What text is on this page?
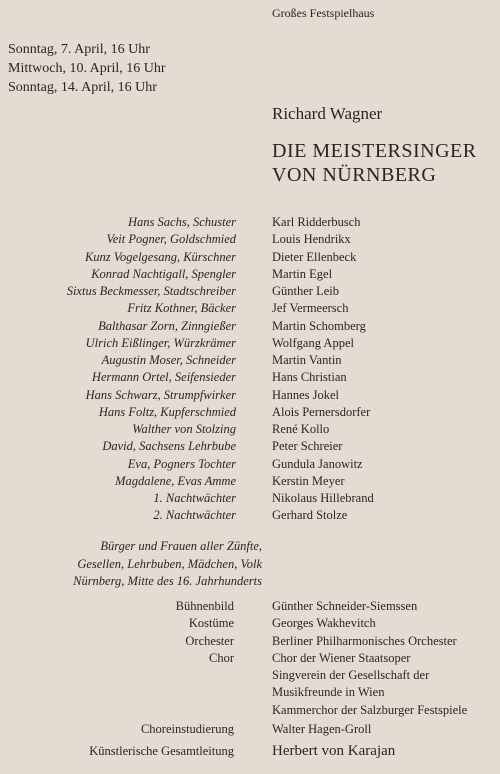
Großes Festspielhaus
Sonntag, 7. April, 16 Uhr
Mittwoch, 10. April, 16 Uhr
Sonntag, 14. April, 16 Uhr
Richard Wagner
DIE MEISTERSINGER
VON NÜRNBERG
Hans Sachs, Schuster	Karl Ridderbusch
Veit Pogner, Goldschmied	Louis Hendrikx
Kunz Vogelgesang, Kürschner	Dieter Ellenbeck
Konrad Nachtigall, Spengler	Martin Egel
Sixtus Beckmesser, Stadtschreiber	Günther Leib
Fritz Kothner, Bäcker	Jef Vermeersch
Balthasar Zorn, Zinngießer	Martin Schomberg
Ulrich Eißlinger, Würzkrämer	Wolfgang Appel
Augustin Moser, Schneider	Martin Vantin
Hermann Ortel, Seifensieder	Hans Christian
Hans Schwarz, Strumpfwirker	Hannes Jokel
Hans Foltz, Kupferschmied	Alois Pernersdorfer
Walther von Stolzing	René Kollo
David, Sachsens Lehrbube	Peter Schreier
Eva, Pogners Tochter	Gundula Janowitz
Magdalene, Evas Amme	Kerstin Meyer
1. Nachtwächter	Nikolaus Hillebrand
2. Nachtwächter	Gerhard Stolze
Bürger und Frauen aller Zünfte,
Gesellen, Lehrbuben, Mädchen, Volk
Nürnberg, Mitte des 16. Jahrhunderts
Bühnenbild	Günther Schneider-Siemssen
Kostüme	Georges Wakhevitch
Orchester	Berliner Philharmonisches Orchester
Chor	Chor der Wiener Staatsoper
Singverein der Gesellschaft der
Musikfreunde in Wien
Kammerchor der Salzburger Festspiele
Choreinstudierung	Walter Hagen-Groll
Künstlerische Gesamtleitung	Herbert von Karajan
